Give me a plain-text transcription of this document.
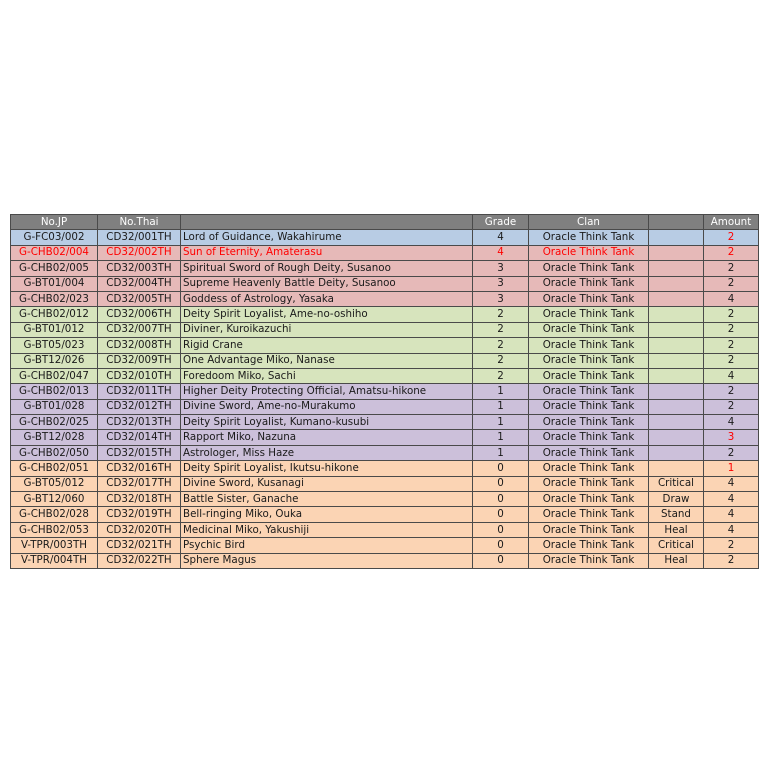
No.JP	No.Thai		Grade	Clan		Amount
G-FC03/002	CD32/001TH	Lord of Guidance, Wakahirume	4	Oracle Think Tank		2
G-CHB02/004	CD32/002TH	Sun of Eternity, Amaterasu	4	Oracle Think Tank		2
G-CHB02/005	CD32/003TH	Spiritual Sword of Rough Deity, Susanoo	3	Oracle Think Tank		2
G-BT01/004	CD32/004TH	Supreme Heavenly Battle Deity, Susanoo	3	Oracle Think Tank		2
G-CHB02/023	CD32/005TH	Goddess of Astrology, Yasaka	3	Oracle Think Tank		4
G-CHB02/012	CD32/006TH	Deity Spirit Loyalist, Ame-no-oshiho	2	Oracle Think Tank		2
G-BT01/012	CD32/007TH	Diviner, Kuroikazuchi	2	Oracle Think Tank		2
G-BT05/023	CD32/008TH	Rigid Crane	2	Oracle Think Tank		2
G-BT12/026	CD32/009TH	One Advantage Miko, Nanase	2	Oracle Think Tank		2
G-CHB02/047	CD32/010TH	Foredoom Miko, Sachi	2	Oracle Think Tank		4
G-CHB02/013	CD32/011TH	Higher Deity Protecting Official, Amatsu-hikone	1	Oracle Think Tank		2
G-BT01/028	CD32/012TH	Divine Sword, Ame-no-Murakumo	1	Oracle Think Tank		2
G-CHB02/025	CD32/013TH	Deity Spirit Loyalist, Kumano-kusubi	1	Oracle Think Tank		4
G-BT12/028	CD32/014TH	Rapport Miko, Nazuna	1	Oracle Think Tank		3
G-CHB02/050	CD32/015TH	Astrologer, Miss Haze	1	Oracle Think Tank		2
G-CHB02/051	CD32/016TH	Deity Spirit Loyalist, Ikutsu-hikone	0	Oracle Think Tank		1
G-BT05/012	CD32/017TH	Divine Sword, Kusanagi	0	Oracle Think Tank	Critical	4
G-BT12/060	CD32/018TH	Battle Sister, Ganache	0	Oracle Think Tank	Draw	4
G-CHB02/028	CD32/019TH	Bell-ringing Miko, Ouka	0	Oracle Think Tank	Stand	4
G-CHB02/053	CD32/020TH	Medicinal Miko, Yakushiji	0	Oracle Think Tank	Heal	4
V-TPR/003TH	CD32/021TH	Psychic Bird	0	Oracle Think Tank	Critical	2
V-TPR/004TH	CD32/022TH	Sphere Magus	0	Oracle Think Tank	Heal	2
